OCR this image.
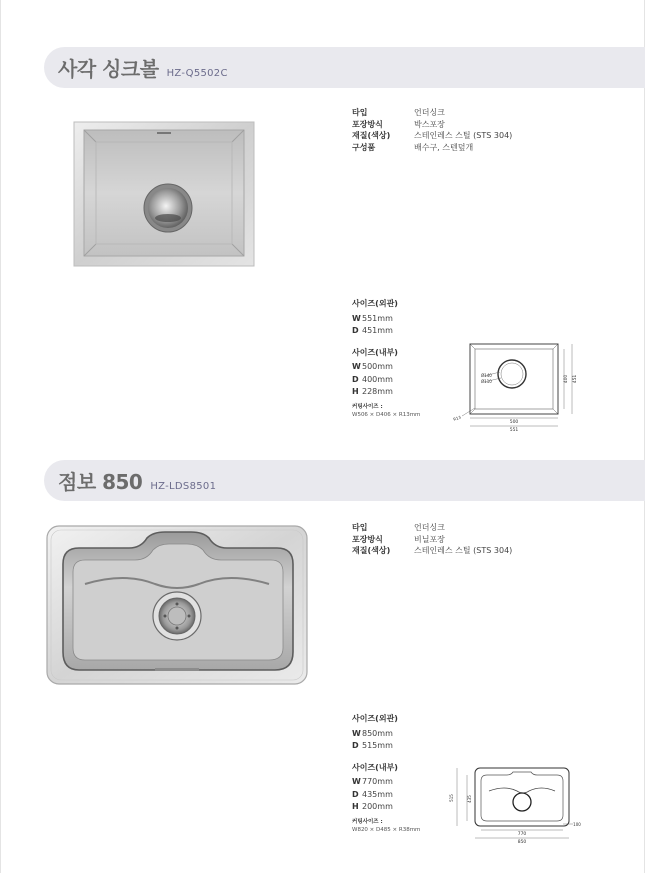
사각 싱크볼 HZ-Q5502C
타입	언더싱크
포장방식	박스포장
재질(색상)	스테인레스 스틸 (STS 304)
구성품	배수구, 스텐덮개
사이즈(외관)
W 551mm
D 451mm
사이즈(내부)
W 500mm
D 400mm
H 228mm
커팅사이즈 :
W506 × D406 × R13mm
Ø140
Ø110
R13
500
551
400 451
점보 850 HZ-LDS8501
타입	언더싱크
포장방식	비닐포장
재질(색상)	스테인레스 스틸 (STS 304)
사이즈(외관)
W 850mm
D 515mm
사이즈(내부)
W 770mm
D 435mm
H 200mm
커팅사이즈 :
W820 × D485 × R38mm
435
515
770
850
100
